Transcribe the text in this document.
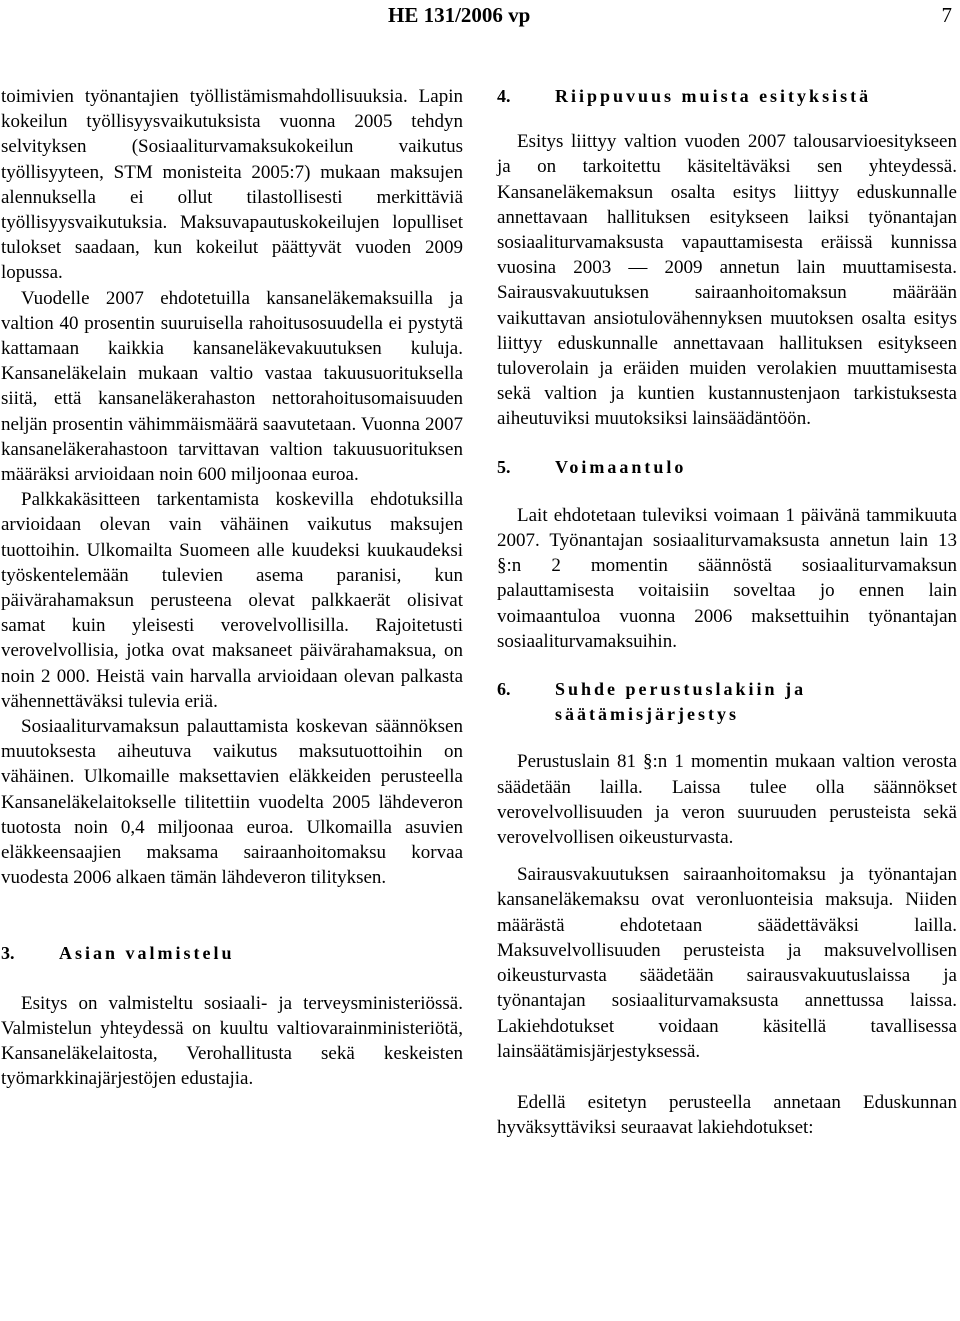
HE 131/2006 vp	7

toimivien työnantajien työllistämismahdollisuuksia. Lapin kokeilun työllisyysvaikutuksista vuonna 2005 tehdyn selvityksen (Sosiaaliturvamaksukokeilun vaikutus työllisyyteen, STM monisteita 2005:7) mukaan maksujen alennuksella ei ollut tilastollisesti merkittäviä työllisyysvaikutuksia. Maksuvapautuskokeilujen lopulliset tulokset saadaan, kun kokeilut päättyvät vuoden 2009 lopussa.

Vuodelle 2007 ehdotetuilla kansaneläkemaksuilla ja valtion 40 prosentin suuruisella rahoitusosuudella ei pystytä kattamaan kaikkia kansaneläkevakuutuksen kuluja. Kansaneläkelain mukaan valtio vastaa takuusuorituksella siitä, että kansaneläkerahaston nettorahoitusomaisuuden neljän prosentin vähimmäismäärä saavutetaan. Vuonna 2007 kansaneläkerahastoon tarvittavan valtion takuusuorituksen määräksi arvioidaan noin 600 miljoonaa euroa.

Palkkakäsitteen tarkentamista koskevilla ehdotuksilla arvioidaan olevan vain vähäinen vaikutus maksujen tuottoihin. Ulkomailta Suomeen alle kuudeksi kuukaudeksi työskentelemään tulevien asema paranisi, kun päivärahamaksun perusteena olevat palkkaerät olisivat samat kuin yleisesti verovelvollisilla. Rajoitetusti verovelvollisia, jotka ovat maksaneet päivärahamaksua, on noin 2 000. Heistä vain harvalla arvioidaan olevan palkasta vähennettäväksi tulevia eriä.

Sosiaaliturvamaksun palauttamista koskevan säännöksen muutoksesta aiheutuva vaikutus maksutuottoihin on vähäinen. Ulkomaille maksettavien eläkkeiden perusteella Kansaneläkelaitokselle tilitettiin vuodelta 2005 lähdeveron tuotosta noin 0,4 miljoonaa euroa. Ulkomailla asuvien eläkkeensaajien maksama sairaanhoitomaksu korvaa vuodesta 2006 alkaen tämän lähdeveron tilityksen.

3. Asian valmistelu

Esitys on valmisteltu sosiaali- ja terveysministeriössä. Valmistelun yhteydessä on kuultu valtiovarainministeriötä, Kansaneläkelaitosta, Verohallitusta sekä keskeisten työmarkkinajärjestöjen edustajia.

4. Riippuvuus muista esityksistä

Esitys liittyy valtion vuoden 2007 talousarvioesitykseen ja on tarkoitettu käsiteltäväksi sen yhteydessä. Kansaneläkemaksun osalta esitys liittyy eduskunnalle annettavaan hallituksen esitykseen laiksi työnantajan sosiaaliturvamaksusta vapauttamisesta eräissä kunnissa vuosina 2003 — 2009 annetun lain muuttamisesta. Sairausvakuutuksen sairaanhoitomaksun määrään vaikuttavan ansiotulovähennyksen muutoksen osalta esitys liittyy eduskunnalle annettavaan hallituksen esitykseen tuloverolain ja eräiden muiden verolakien muuttamisesta sekä valtion ja kuntien kustannustenjaon tarkistuksesta aiheutuviksi muutoksiksi lainsäädäntöön.

5. Voimaantulo

Lait ehdotetaan tuleviksi voimaan 1 päivänä tammikuuta 2007. Työnantajan sosiaaliturvamaksusta annetun lain 13 §:n 2 momentin säännöstä sosiaaliturvamaksun palauttamisesta voitaisiin soveltaa jo ennen lain voimaantuloa vuonna 2006 maksettuihin työnantajan sosiaaliturvamaksuihin.

6.	Suhde perustuslakiin ja säätämisjärjestys

Perustuslain 81 §:n 1 momentin mukaan valtion verosta säädetään lailla. Laissa tulee olla säännökset verovelvollisuuden ja veron suuruuden perusteista sekä verovelvollisen oikeusturvasta.

Sairausvakuutuksen sairaanhoitomaksu ja työnantajan kansaneläkemaksu ovat veronluonteisia maksuja. Niiden määrästä ehdotetaan säädettäväksi lailla. Maksuvelvollisuuden perusteista ja maksuvelvollisen oikeusturvasta säädetään sairausvakuutuslaissa ja työnantajan sosiaaliturvamaksusta annettussa laissa. Lakiehdotukset voidaan käsitellä tavallisessa lainsäätämisjärjestyksessä.

Edellä esitetyn perusteella annetaan Eduskunnan hyväksyttäviksi seuraavat lakiehdotukset:
